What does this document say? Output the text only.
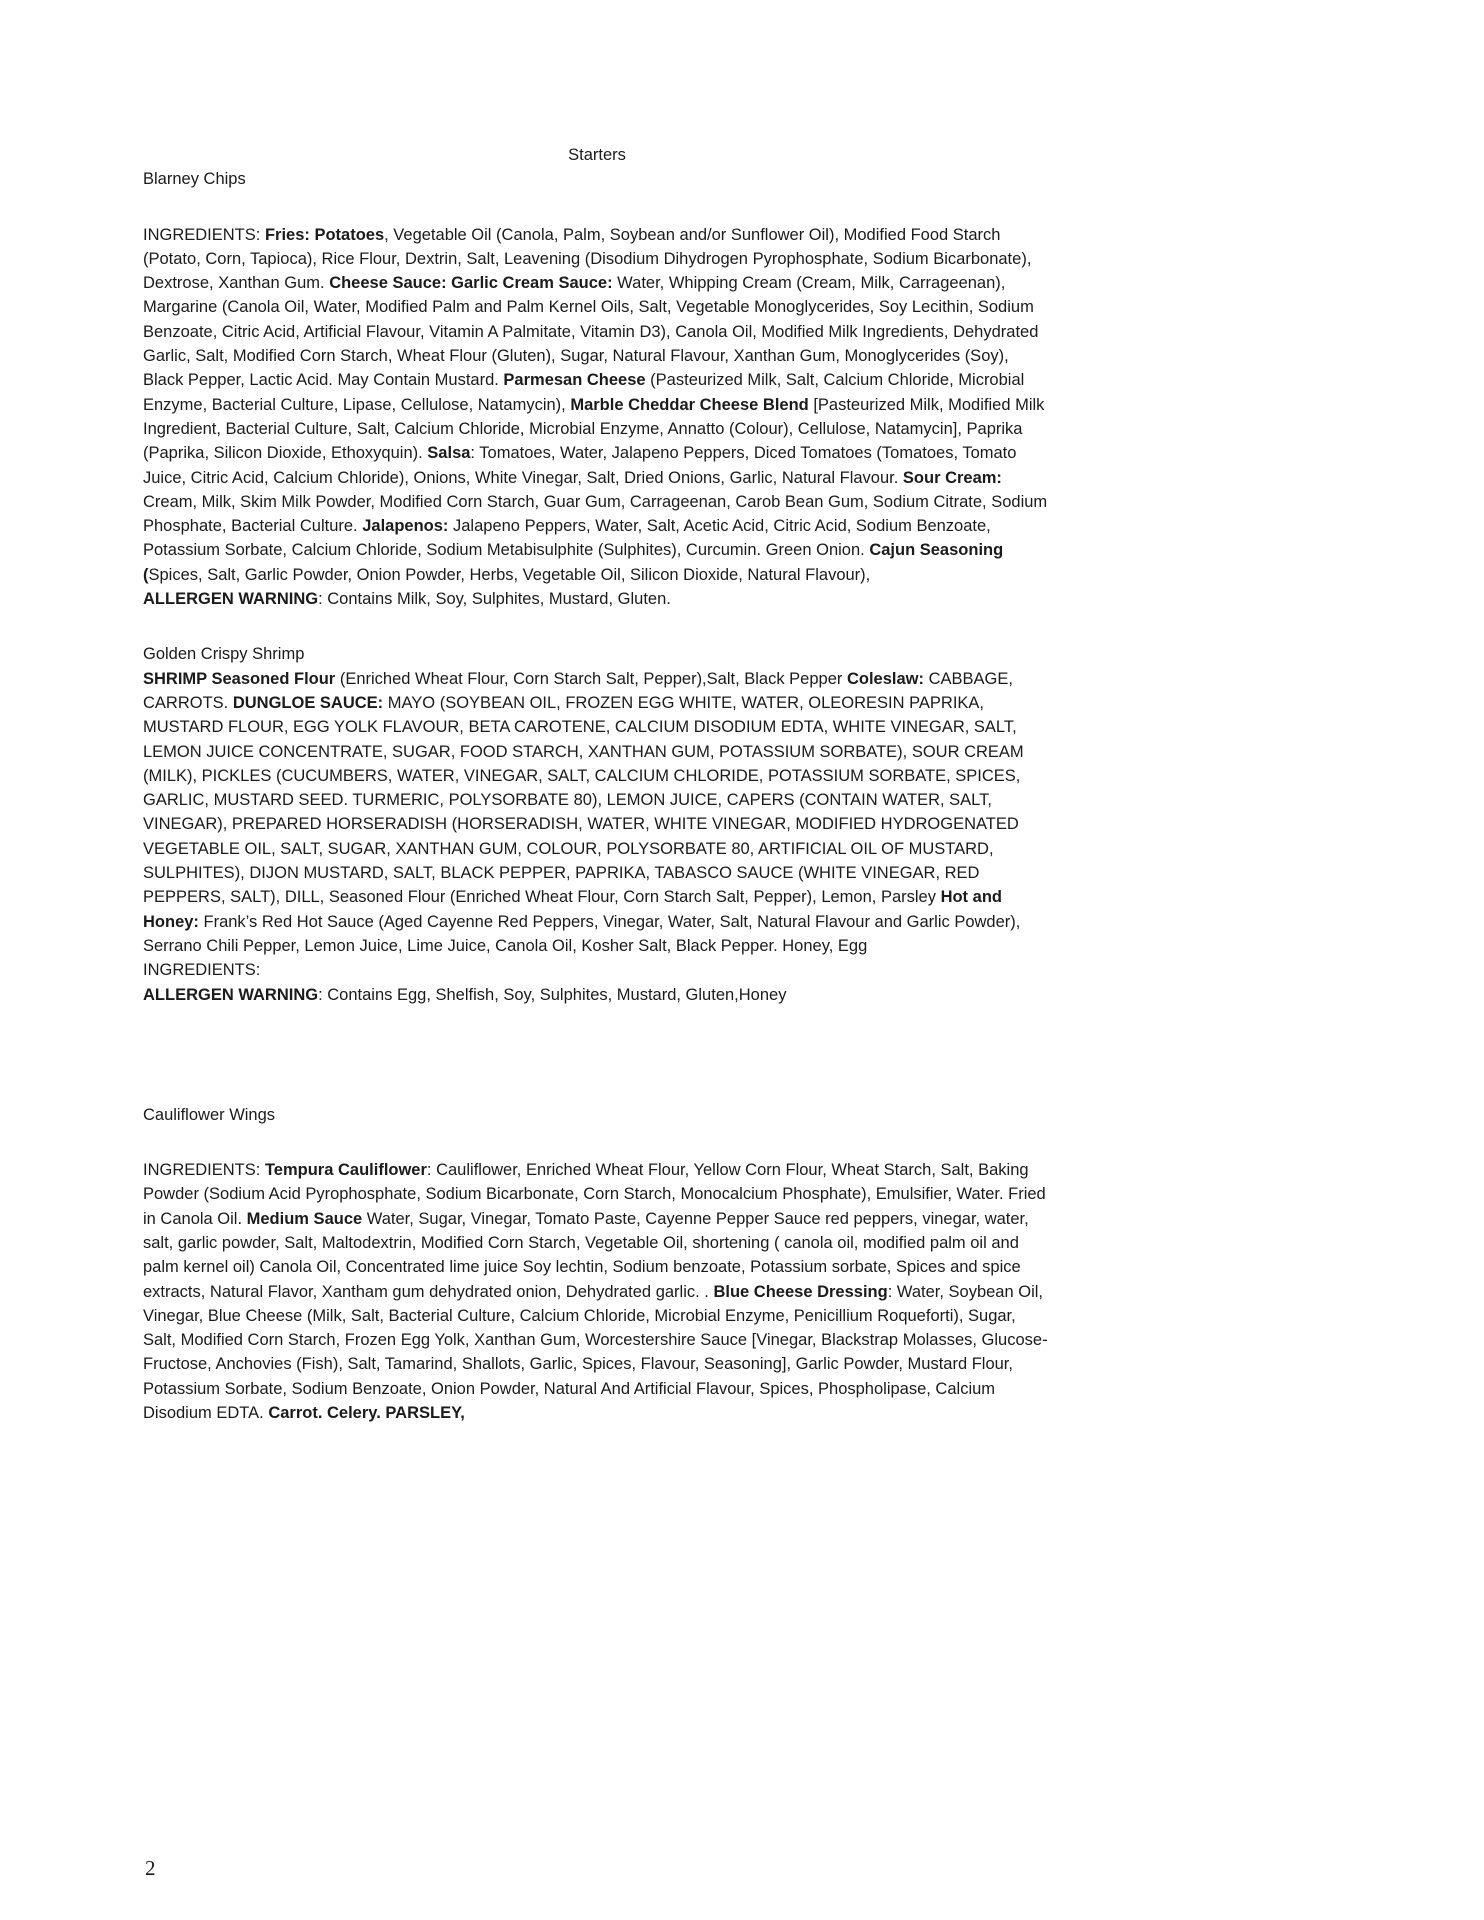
Starters
Blarney Chips

INGREDIENTS: Fries: Potatoes, Vegetable Oil (Canola, Palm, Soybean and/or Sunflower Oil), Modified Food Starch (Potato, Corn, Tapioca), Rice Flour, Dextrin, Salt, Leavening (Disodium Dihydrogen Pyrophosphate, Sodium Bicarbonate), Dextrose, Xanthan Gum. Cheese Sauce: Garlic Cream Sauce: Water, Whipping Cream (Cream, Milk, Carrageenan), Margarine (Canola Oil, Water, Modified Palm and Palm Kernel Oils, Salt, Vegetable Monoglycerides, Soy Lecithin, Sodium Benzoate, Citric Acid, Artificial Flavour, Vitamin A Palmitate, Vitamin D3), Canola Oil, Modified Milk Ingredients, Dehydrated Garlic, Salt, Modified Corn Starch, Wheat Flour (Gluten), Sugar, Natural Flavour, Xanthan Gum, Monoglycerides (Soy), Black Pepper, Lactic Acid. May Contain Mustard. Parmesan Cheese (Pasteurized Milk, Salt, Calcium Chloride, Microbial Enzyme, Bacterial Culture, Lipase, Cellulose, Natamycin), Marble Cheddar Cheese Blend [Pasteurized Milk, Modified Milk Ingredient, Bacterial Culture, Salt, Calcium Chloride, Microbial Enzyme, Annatto (Colour), Cellulose, Natamycin], Paprika (Paprika, Silicon Dioxide, Ethoxyquin). Salsa: Tomatoes, Water, Jalapeno Peppers, Diced Tomatoes (Tomatoes, Tomato Juice, Citric Acid, Calcium Chloride), Onions, White Vinegar, Salt, Dried Onions, Garlic, Natural Flavour. Sour Cream: Cream, Milk, Skim Milk Powder, Modified Corn Starch, Guar Gum, Carrageenan, Carob Bean Gum, Sodium Citrate, Sodium Phosphate, Bacterial Culture. Jalapenos: Jalapeno Peppers, Water, Salt, Acetic Acid, Citric Acid, Sodium Benzoate, Potassium Sorbate, Calcium Chloride, Sodium Metabisulphite (Sulphites), Curcumin. Green Onion. Cajun Seasoning (Spices, Salt, Garlic Powder, Onion Powder, Herbs, Vegetable Oil, Silicon Dioxide, Natural Flavour),

ALLERGEN WARNING: Contains Milk, Soy, Sulphites, Mustard, Gluten.

Golden Crispy Shrimp

SHRIMP Seasoned Flour (Enriched Wheat Flour, Corn Starch Salt, Pepper),Salt, Black Pepper Coleslaw: CABBAGE, CARROTS. DUNGLOE SAUCE: MAYO (SOYBEAN OIL, FROZEN EGG WHITE, WATER, OLEORESIN PAPRIKA, MUSTARD FLOUR, EGG YOLK FLAVOUR, BETA CAROTENE, CALCIUM DISODIUM EDTA, WHITE VINEGAR, SALT, LEMON JUICE CONCENTRATE, SUGAR, FOOD STARCH, XANTHAN GUM, POTASSIUM SORBATE), SOUR CREAM (MILK), PICKLES (CUCUMBERS, WATER, VINEGAR, SALT, CALCIUM CHLORIDE, POTASSIUM SORBATE, SPICES, GARLIC, MUSTARD SEED. TURMERIC, POLYSORBATE 80), LEMON JUICE, CAPERS (CONTAIN WATER, SALT, VINEGAR), PREPARED HORSERADISH (HORSERADISH, WATER, WHITE VINEGAR, MODIFIED HYDROGENATED VEGETABLE OIL, SALT, SUGAR, XANTHAN GUM, COLOUR, POLYSORBATE 80, ARTIFICIAL OIL OF MUSTARD, SULPHITES), DIJON MUSTARD, SALT, BLACK PEPPER, PAPRIKA, TABASCO SAUCE (WHITE VINEGAR, RED PEPPERS, SALT), DILL, Seasoned Flour (Enriched Wheat Flour, Corn Starch Salt, Pepper), Lemon, Parsley Hot and Honey: Frank’s Red Hot Sauce (Aged Cayenne Red Peppers, Vinegar, Water, Salt, Natural Flavour and Garlic Powder), Serrano Chili Pepper, Lemon Juice, Lime Juice, Canola Oil, Kosher Salt, Black Pepper. Honey, Egg

INGREDIENTS:

ALLERGEN WARNING: Contains Egg, Shelfish, Soy, Sulphites, Mustard, Gluten,Honey

Cauliflower Wings

INGREDIENTS: Tempura Cauliflower: Cauliflower, Enriched Wheat Flour, Yellow Corn Flour, Wheat Starch, Salt, Baking Powder (Sodium Acid Pyrophosphate, Sodium Bicarbonate, Corn Starch, Monocalcium Phosphate), Emulsifier, Water. Fried in Canola Oil. Medium Sauce Water, Sugar, Vinegar, Tomato Paste, Cayenne Pepper Sauce red peppers, vinegar, water, salt, garlic powder, Salt, Maltodextrin, Modified Corn Starch, Vegetable Oil, shortening ( canola oil, modified palm oil and palm kernel oil) Canola Oil, Concentrated lime juice Soy lechtin, Sodium benzoate, Potassium sorbate, Spices and spice extracts, Natural Flavor, Xantham gum dehydrated onion, Dehydrated garlic. . Blue Cheese Dressing: Water, Soybean Oil, Vinegar, Blue Cheese (Milk, Salt, Bacterial Culture, Calcium Chloride, Microbial Enzyme, Penicillium Roqueforti), Sugar, Salt, Modified Corn Starch, Frozen Egg Yolk, Xanthan Gum, Worcestershire Sauce [Vinegar, Blackstrap Molasses, Glucose-Fructose, Anchovies (Fish), Salt, Tamarind, Shallots, Garlic, Spices, Flavour, Seasoning], Garlic Powder, Mustard Flour, Potassium Sorbate, Sodium Benzoate, Onion Powder, Natural And Artificial Flavour, Spices, Phospholipase, Calcium Disodium EDTA. Carrot. Celery. PARSLEY,

2
